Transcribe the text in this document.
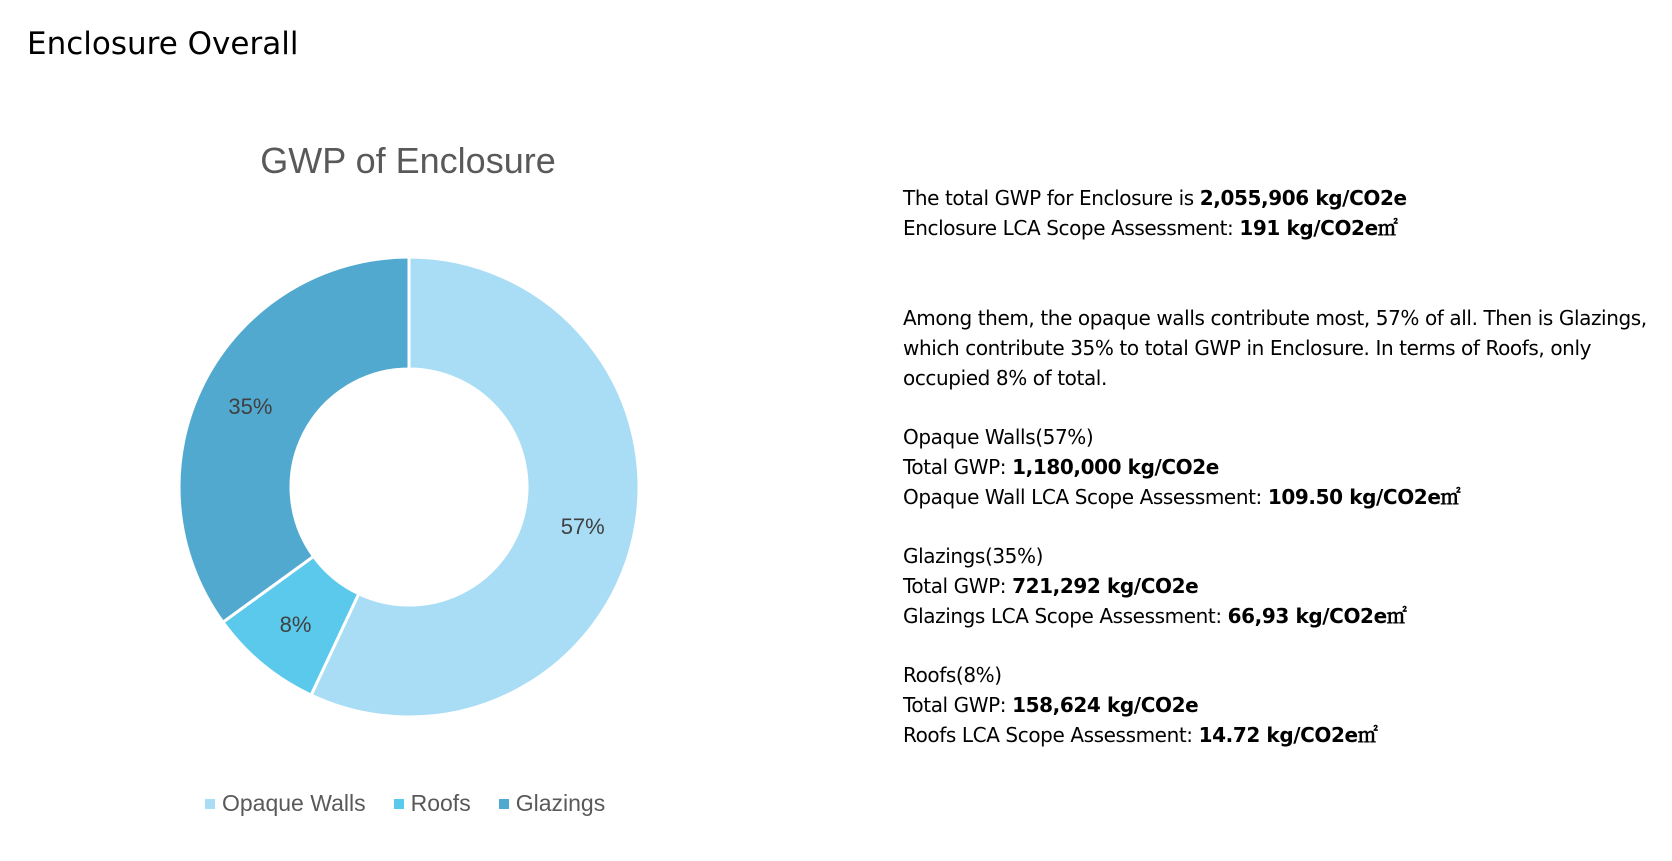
Enclosure Overall
GWP of Enclosure
57%
8%
35%
Opaque Walls Roofs Glazings

The total GWP for Enclosure is 2,055,906 kg/CO2e

Enclosure LCA Scope Assessment: 191 kg/CO2e㎡

Among them, the opaque walls contribute most, 57% of all. Then is Glazings,
which contribute 35% to total GWP in Enclosure. In terms of Roofs, only
occupied 8% of total.

Opaque Walls(57%)

Total GWP: 1,180,000 kg/CO2e

Opaque Wall LCA Scope Assessment: 109.50 kg/CO2e㎡

Glazings(35%)

Total GWP: 721,292 kg/CO2e

Glazings LCA Scope Assessment: 66,93 kg/CO2e㎡

Roofs(8%)

Total GWP: 158,624 kg/CO2e

Roofs LCA Scope Assessment: 14.72 kg/CO2e㎡
